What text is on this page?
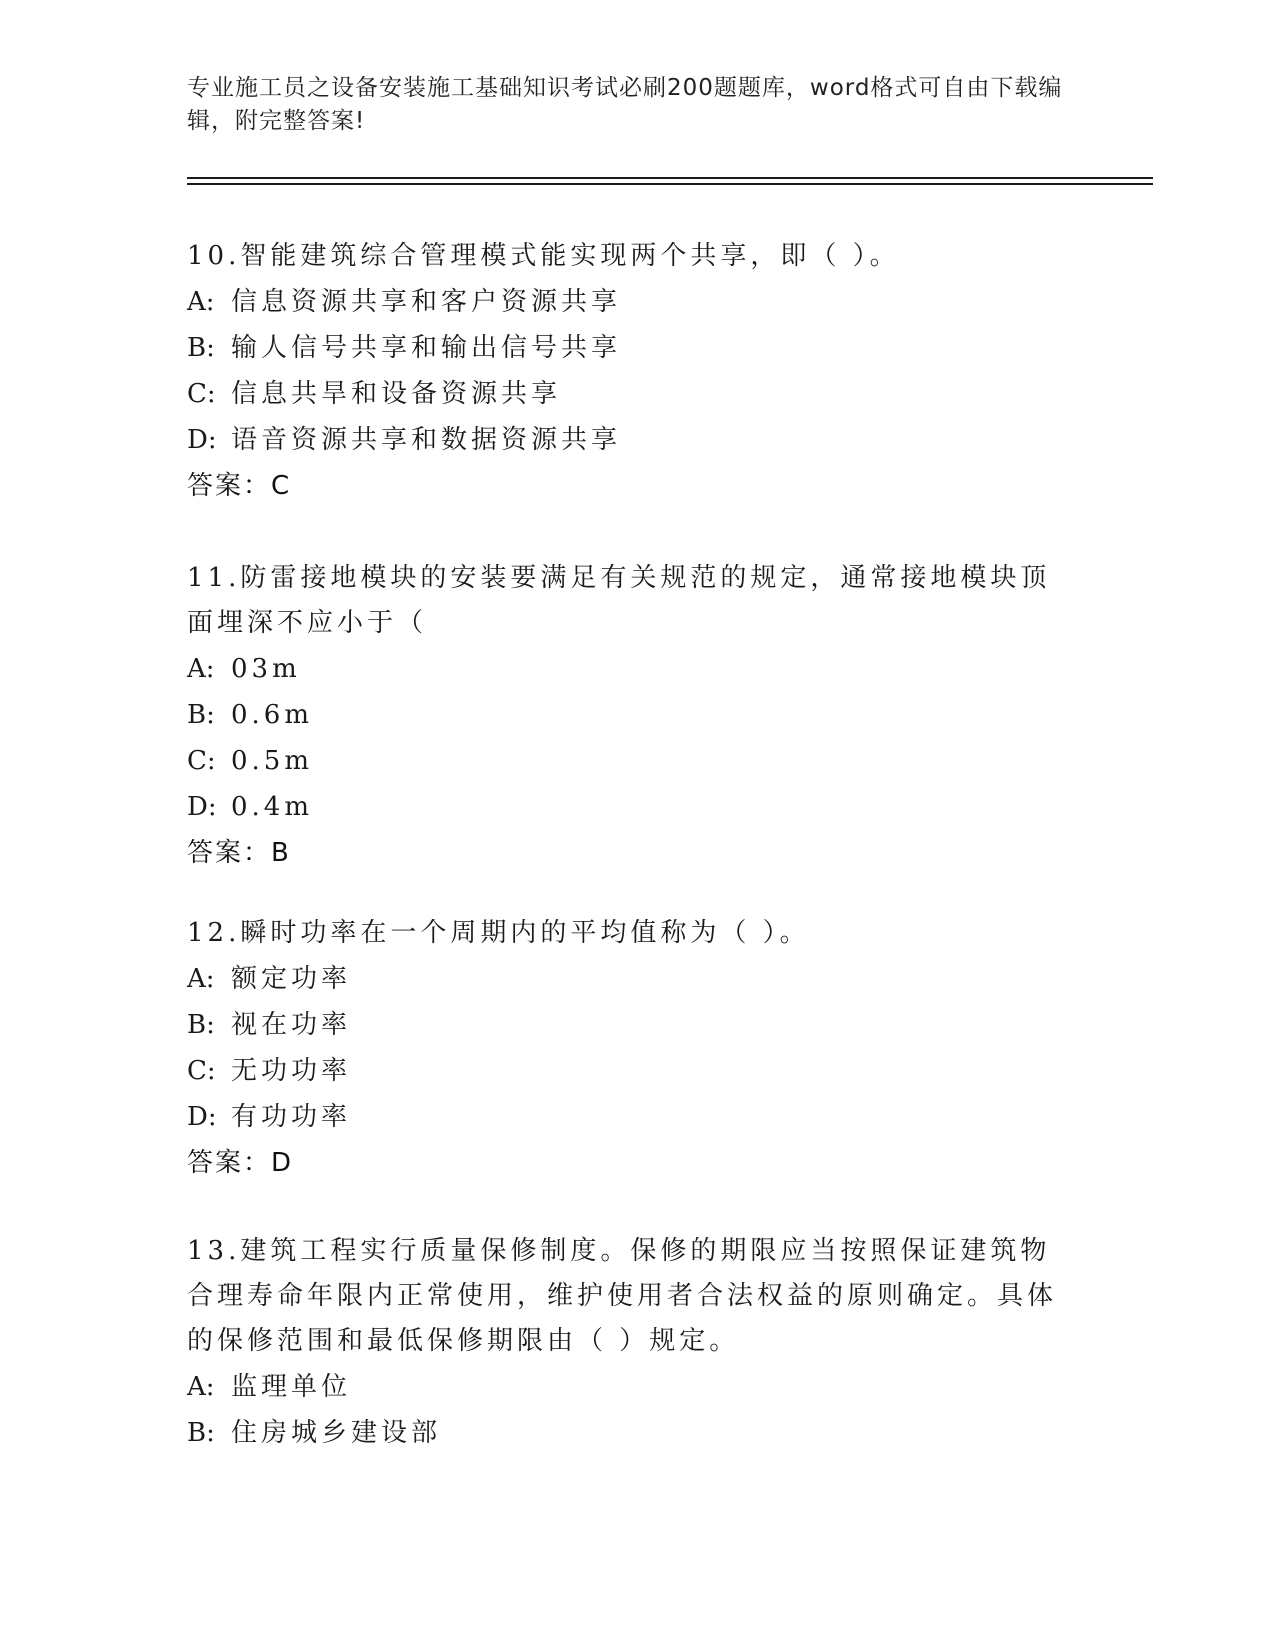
专业施工员之设备安装施工基础知识考试必刷200题题库，word格式可自由下载编辑，附完整答案!
10.智能建筑综合管理模式能实现两个共享，即（ ）。
A: 信息资源共享和客户资源共享
B: 输人信号共享和输出信号共享
C: 信息共旱和设备资源共享
D: 语音资源共享和数据资源共享
答案：C
11.防雷接地模块的安装要满足有关规范的规定，通常接地模块顶面埋深不应小于（
A: 03m
B: 0.6m
C: 0.5m
D: 0.4m
答案：B
12.瞬时功率在一个周期内的平均值称为（ ）。
A: 额定功率
B: 视在功率
C: 无功功率
D: 有功功率
答案：D
13.建筑工程实行质量保修制度。保修的期限应当按照保证建筑物合理寿命年限内正常使用，维护使用者合法权益的原则确定。具体的保修范围和最低保修期限由（ ）规定。
A: 监理单位
B: 住房城乡建设部
